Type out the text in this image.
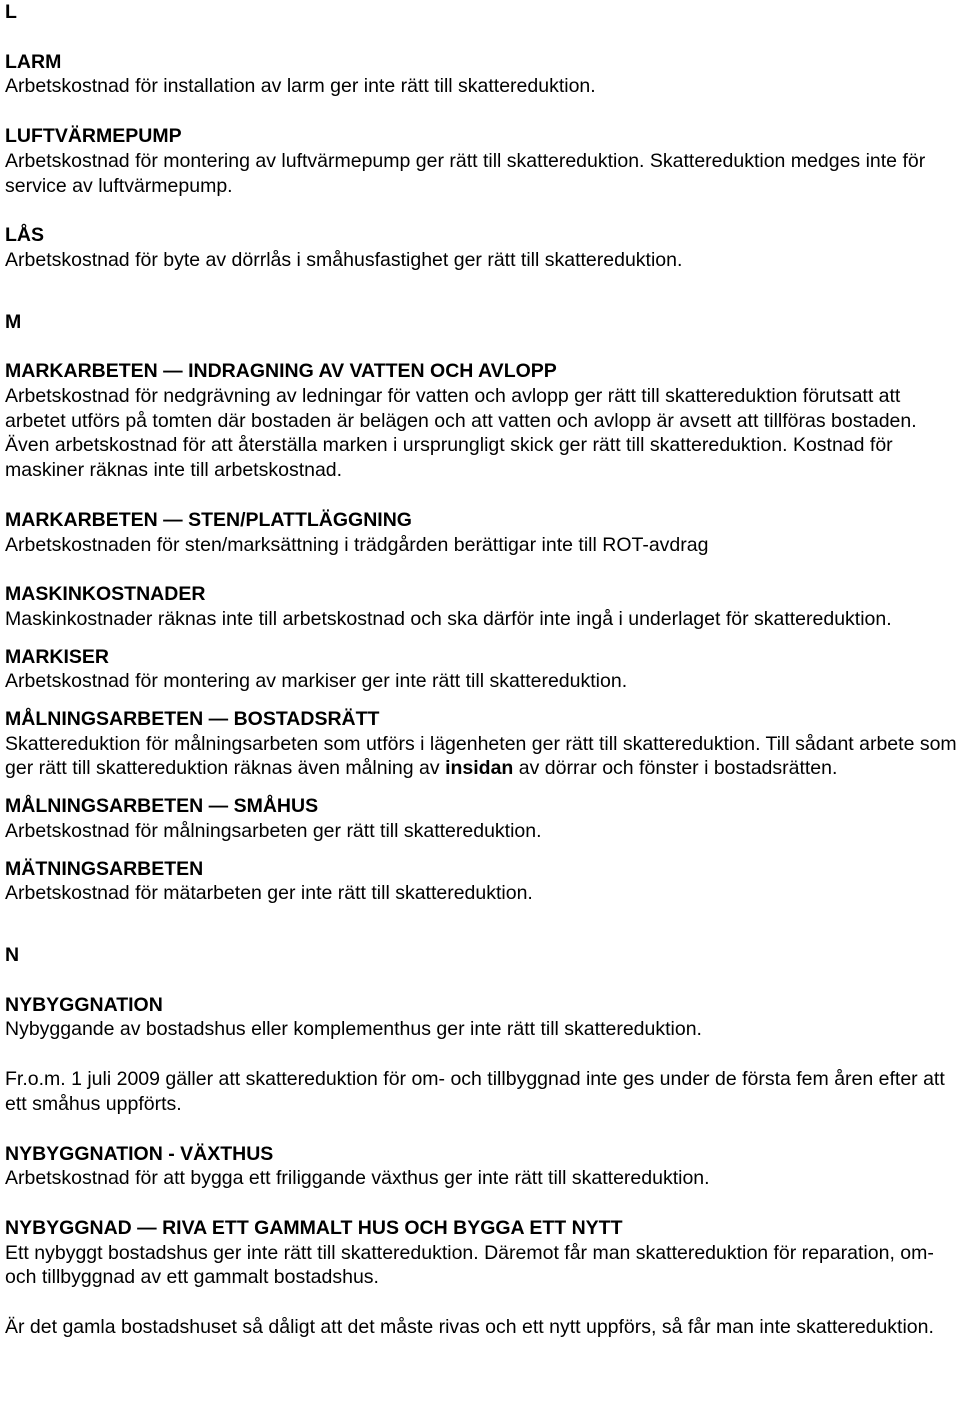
L

LARM

Arbetskostnad för installation av larm ger inte rätt till skattereduktion.

LUFTVÄRMEPUMP

Arbetskostnad för montering av luftvärmepump ger rätt till skattereduktion. Skattereduktion medges inte för service av luftvärmepump.

LÅS

Arbetskostnad för byte av dörrlås i småhusfastighet ger rätt till skattereduktion.

M

MARKARBETEN — INDRAGNING AV VATTEN OCH AVLOPP

Arbetskostnad för nedgrävning av ledningar för vatten och avlopp ger rätt till skattereduktion förutsatt att arbetet utförs på tomten där bostaden är belägen och att vatten och avlopp är avsett att tillföras bostaden. Även arbetskostnad för att återställa marken i ursprungligt skick ger rätt till skattereduktion. Kostnad för maskiner räknas inte till arbetskostnad.

MARKARBETEN — STEN/PLATTLÄGGNING

Arbetskostnaden för sten/marksättning i trädgården berättigar inte till ROT-avdrag

MASKINKOSTNADER

Maskinkostnader räknas inte till arbetskostnad och ska därför inte ingå i underlaget för skattereduktion.

MARKISER

Arbetskostnad för montering av markiser ger inte rätt till skattereduktion.

MÅLNINGSARBETEN — BOSTADSRÄTT

Skattereduktion för målningsarbeten som utförs i lägenheten ger rätt till skattereduktion. Till sådant arbete som ger rätt till skattereduktion räknas även målning av insidan av dörrar och fönster i bostadsrätten.

MÅLNINGSARBETEN — SMÅHUS

Arbetskostnad för målningsarbeten ger rätt till skattereduktion.

MÄTNINGSARBETEN

Arbetskostnad för mätarbeten ger inte rätt till skattereduktion.

N

NYBYGGNATION

Nybyggande av bostadshus eller komplementhus ger inte rätt till skattereduktion.

Fr.o.m. 1 juli 2009 gäller att skattereduktion för om- och tillbyggnad inte ges under de första fem åren efter att ett småhus uppförts.

NYBYGGNATION - VÄXTHUS

Arbetskostnad för att bygga ett friliggande växthus ger inte rätt till skattereduktion.

NYBYGGNAD — RIVA ETT GAMMALT HUS OCH BYGGA ETT NYTT

Ett nybyggt bostadshus ger inte rätt till skattereduktion. Däremot får man skattereduktion för reparation, om- och tillbyggnad av ett gammalt bostadshus.

Är det gamla bostadshuset så dåligt att det måste rivas och ett nytt uppförs, så får man inte skattereduktion.
